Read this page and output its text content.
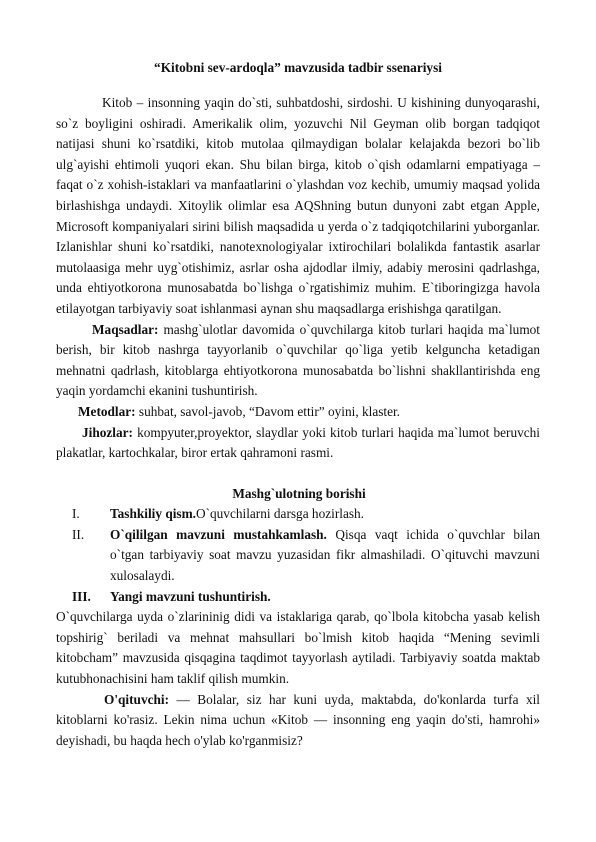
“Kitobni sev-ardoqla” mavzusida tadbir ssenariysi

Kitob – insonning yaqin do`sti, suhbatdoshi, sirdoshi. U kishining dunyoqarashi, so`z boyligini oshiradi. Amerikalik olim, yozuvchi Nil Geyman olib borgan tadqiqot natijasi shuni ko`rsatdiki, kitob mutolaa qilmaydigan bolalar kelajakda bezori bo`lib ulg`ayishi ehtimoli yuqori ekan. Shu bilan birga, kitob o`qish odamlarni empatiyaga – faqat o`z xohish-istaklari va manfaatlarini o`ylashdan voz kechib, umumiy maqsad yolida birlashishga undaydi. Xitoylik olimlar esa AQShning butun dunyoni zabt etgan Apple, Microsoft kompaniyalari sirini bilish maqsadida u yerda o`z tadqiqotchilarini yuborganlar. Izlanishlar shuni ko`rsatdiki, nanotexnologiyalar ixtirochilari bolalikda fantastik asarlar mutolaasiga mehr uyg`otishimiz, asrlar osha ajdodlar ilmiy, adabiy merosini qadrlashga, unda ehtiyotkorona munosabatda bo`lishga o`rgatishimiz muhim. E`tiboringizga havola etilayotgan tarbiyaviy soat ishlanmasi aynan shu maqsadlarga erishishga qaratilgan.

Maqsadlar: mashg`ulotlar davomida o`quvchilarga kitob turlari haqida ma`lumot berish, bir kitob nashrga tayyorlanib o`quvchilar qo`liga yetib kelguncha ketadigan mehnatni qadrlash, kitoblarga ehtiyotkorona munosabatda bo`lishni shakllantirishda eng yaqin yordamchi ekanini tushuntirish.

Metodlar: suhbat, savol-javob, “Davom ettir” oyini, klaster.

Jihozlar: kompyuter,proyektor, slaydlar yoki kitob turlari haqida ma`lumot beruvchi plakatlar, kartochkalar, biror ertak qahramoni rasmi.

Mashg`ulotning borishi
I.	Tashkiliy qism.O`quvchilarni darsga hozirlash.
II.	O`qililgan mavzuni mustahkamlash. Qisqa vaqt ichida o`quvchlar bilan o`tgan tarbiyaviy soat mavzu yuzasidan fikr almashiladi. O`qituvchi mavzuni xulosalaydi.
III.	Yangi mavzuni tushuntirish.

O`quvchilarga uyda o`zlarininig didi va istaklariga qarab, qo`lbola kitobcha yasab kelish topshirig` beriladi va mehnat mahsullari bo`lmish kitob haqida “Mening sevimli kitobcham” mavzusida qisqagina taqdimot tayyorlash aytiladi. Tarbiyaviy soatda maktab kutubhonachisini ham taklif qilish mumkin.

O'qituvchi: — Bolalar, siz har kuni uyda, maktabda, do'konlarda turfa xil kitoblarni ko'rasiz. Lekin nima uchun «Kitob — insonning eng yaqin do'sti, hamrohi» deyishadi, bu haqda hech o'ylab ko'rganmisiz?
